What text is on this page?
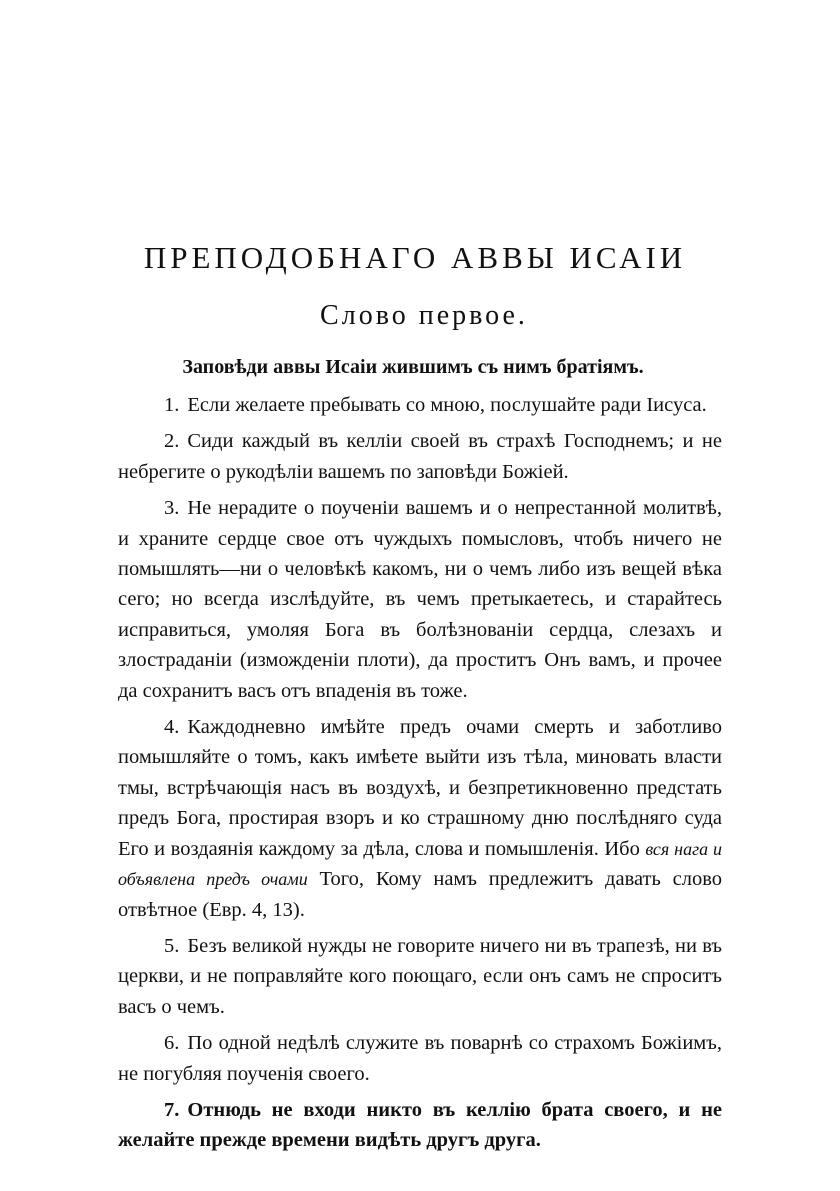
ПРЕПОДОБНАГО АВВЫ ИСАІИ
Слово первое.
Заповѣди аввы Исаіи жившимъ съ нимъ братіямъ.

1. Если желаете пребывать со мною, послушайте ради Іисуса.

2. Сиди каждый въ келліи своей въ страхѣ Господнемъ; и не небрегите о рукодѣліи вашемъ по заповѣди Божіей.

3. Не нерадите о поученіи вашемъ и о непрестанной молитвѣ, и храните сердце свое отъ чуждыхъ помысловъ, чтобъ ничего не помышлять—ни о человѣкѣ какомъ, ни о чемъ либо изъ вещей вѣка сего; но всегда изслѣдуйте, въ чемъ претыкаетесь, и старайтесь исправиться, умоляя Бога въ болѣзнованіи сердца, слезахъ и злостраданіи (изможденіи плоти), да проститъ Онъ вамъ, и прочее да сохранитъ васъ отъ впаденія въ тоже.

4. Каждодневно имѣйте предъ очами смерть и заботливо помышляйте о томъ, какъ имѣете выйти изъ тѣла, миновать власти тмы, встрѣчающія насъ въ воздухѣ, и безпретикновенно предстать предъ Бога, простирая взоръ и ко страшному дню послѣдняго суда Его и воздаянія каждому за дѣла, слова и помышленія. Ибо вся нага и объявлена предъ очами Того, Кому намъ предлежитъ давать слово отвѣтное (Евр. 4, 13).

5. Безъ великой нужды не говорите ничего ни въ трапезѣ, ни въ церкви, и не поправляйте кого поющаго, если онъ самъ не спроситъ васъ о чемъ.

6. По одной недѣлѣ служите въ поварнѣ со страхомъ Божіимъ, не погубляя поученія своего.

7. Отнюдь не входи никто въ келлію брата своего, и не желайте прежде времени видѣть другъ друга.
